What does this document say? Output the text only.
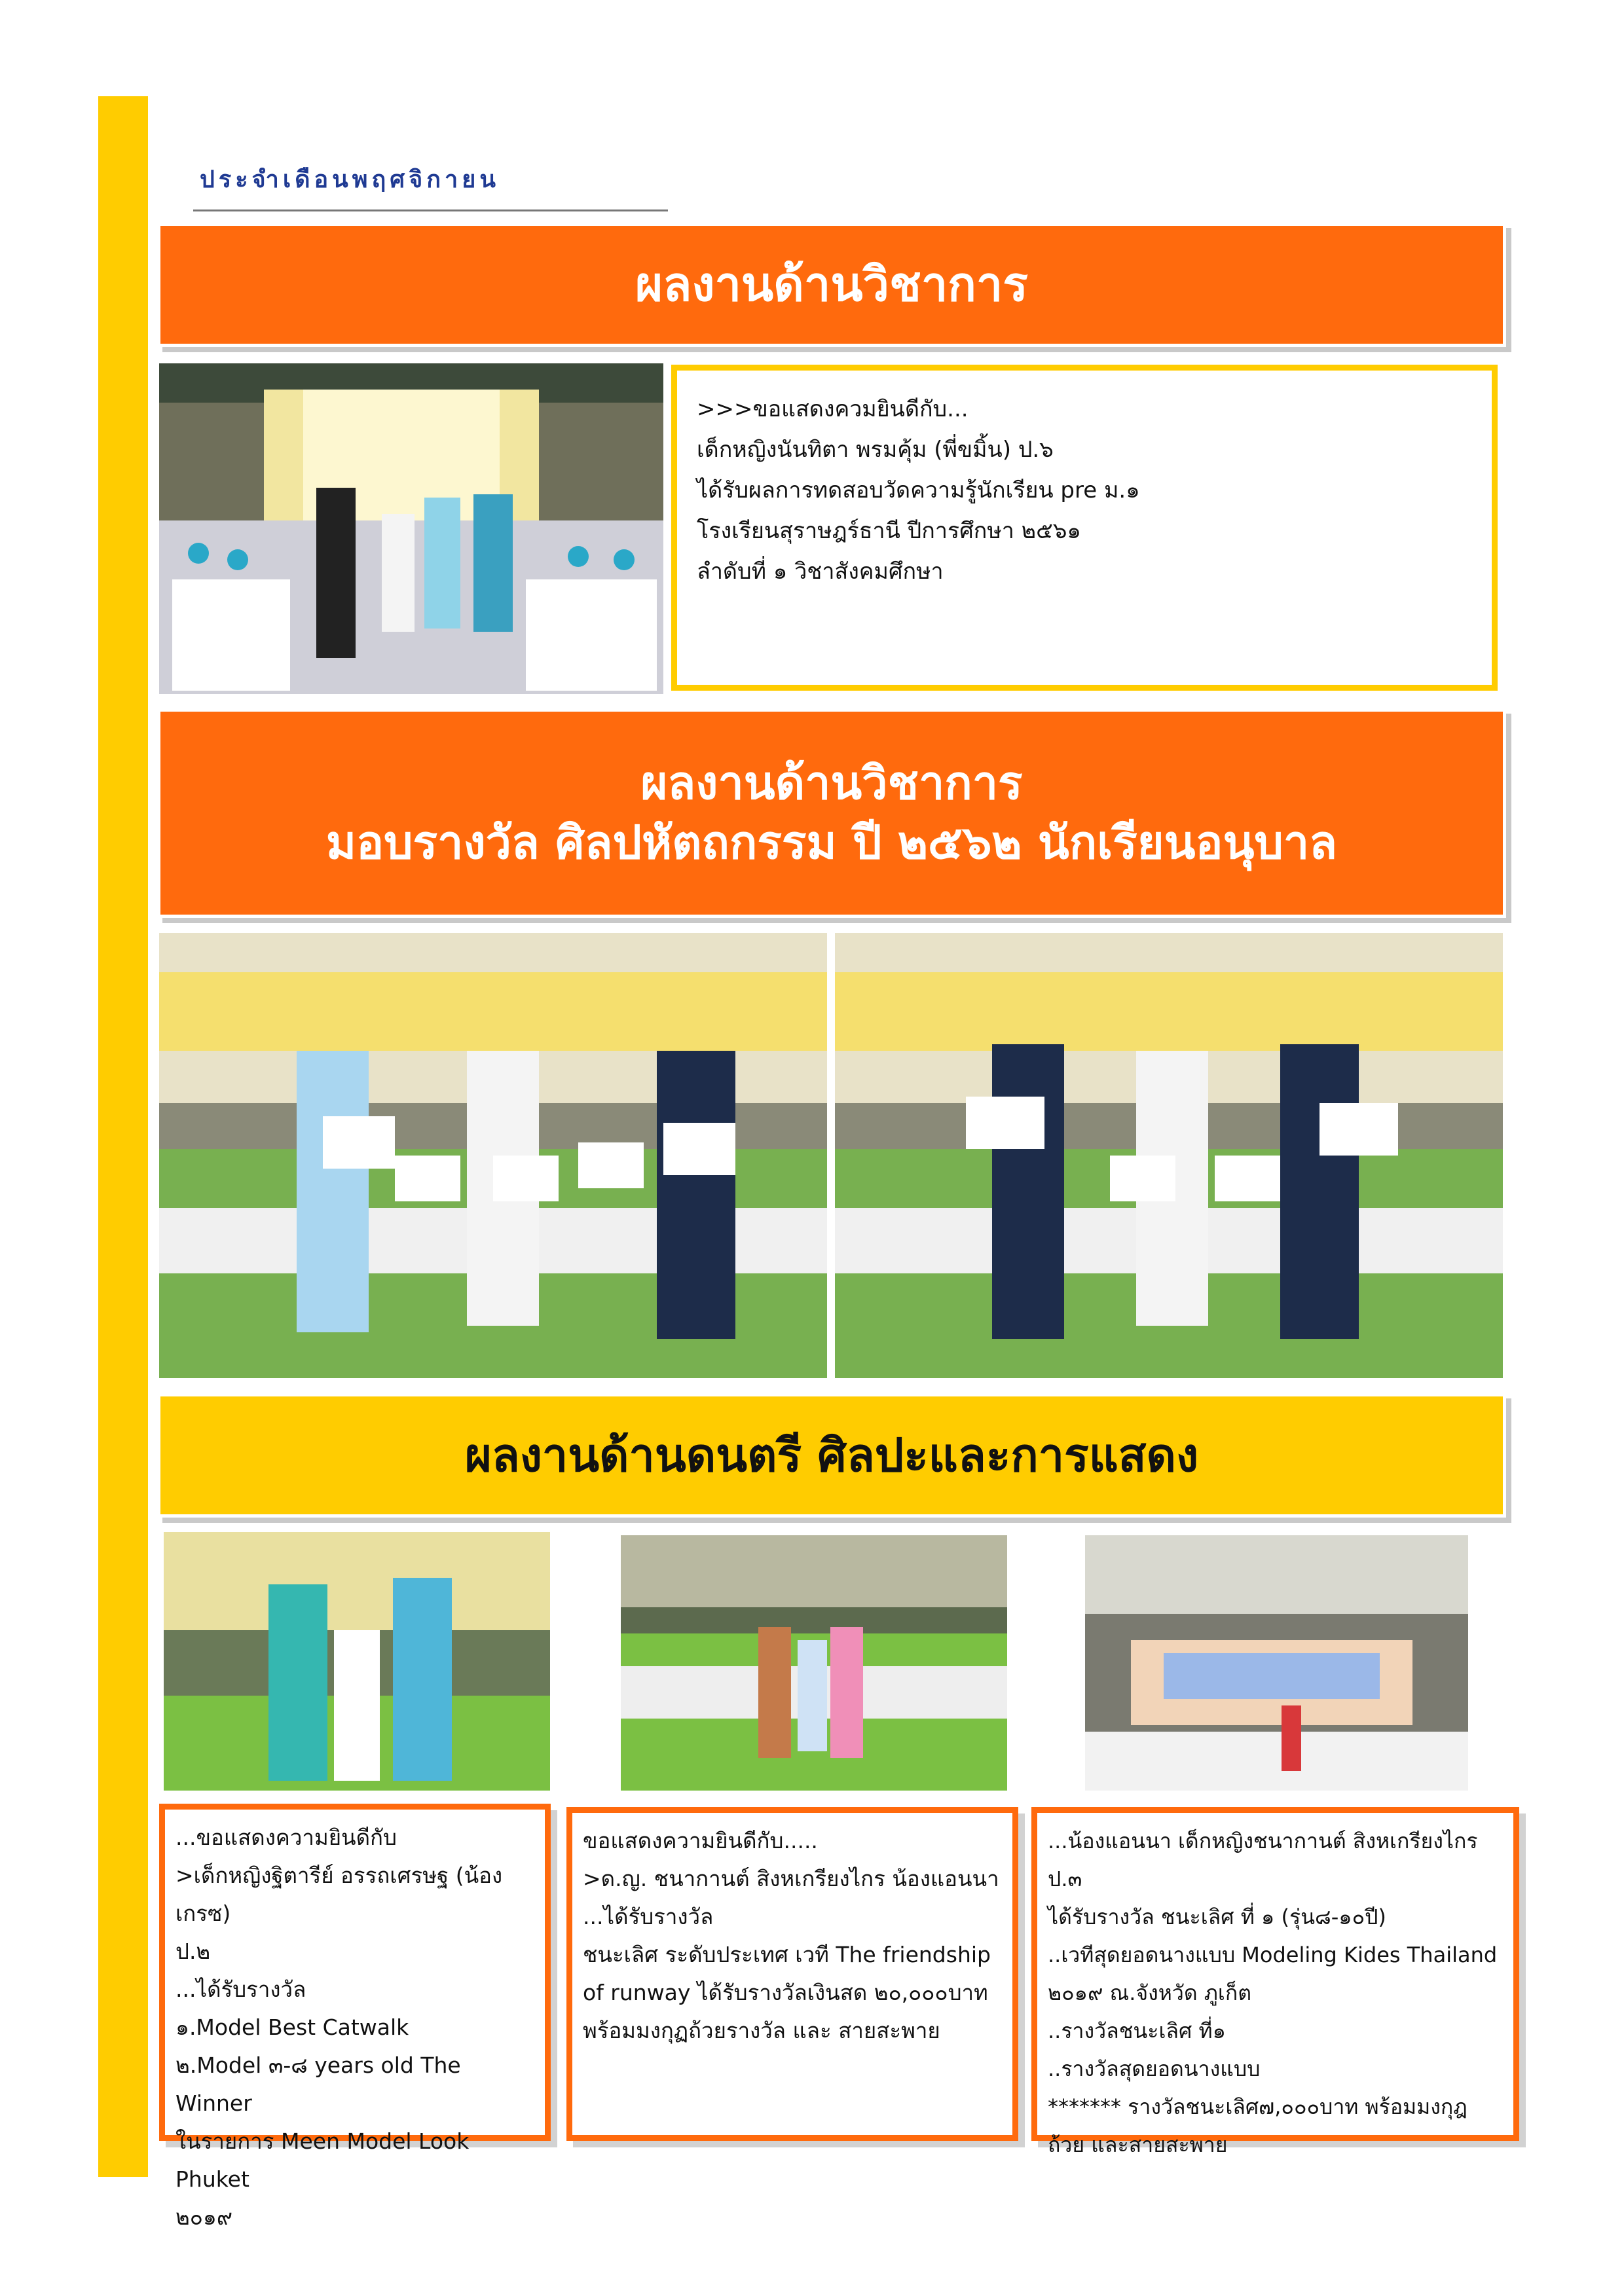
ประจำเดือนพฤศจิกายน
ผลงานด้านวิชาการ
>>>ขอแสดงควมยินดีกับ...
เด็กหญิงนันทิตา พรมคุ้ม (พี่ขมิ้น) ป.๖
ได้รับผลการทดสอบวัดความรู้นักเรียน pre ม.๑
โรงเรียนสุราษฎร์ธานี ปีการศึกษา ๒๕๖๑
ลำดับที่ ๑ วิชาสังคมศึกษา
ผลงานด้านวิชาการ
มอบรางวัล ศิลปหัตถกรรม ปี ๒๕๖๒ นักเรียนอนุบาล
ผลงานด้านดนตรี ศิลปะและการแสดง
...ขอแสดงความยินดีกับ
>เด็กหญิงฐิตารีย์ อรรถเศรษฐ (น้องเกรซ)
ป.๒
...ได้รับรางวัล
๑.Model Best Catwalk
๒.Model ๓-๘ years old The Winner
ในรายการ Meen Model Look Phuket
๒๐๑๙
ขอแสดงความยินดีกับ.....
>ด.ญ. ชนากานต์ สิงหเกรียงไกร น้องแอนนา
...ได้รับรางวัล
ชนะเลิศ ระดับประเทศ เวที The friendship
of runway ได้รับรางวัลเงินสด ๒๐,๐๐๐บาท
พร้อมมงกุฏถ้วยรางวัล และ สายสะพาย
...น้องแอนนา เด็กหญิงชนากานต์ สิงหเกรียงไกร ป.๓
ได้รับรางวัล ชนะเลิศ ที่ ๑ (รุ่น๘-๑๐ปี)
..เวทีสุดยอดนางแบบ Modeling Kides Thailand
๒๐๑๙ ณ.จังหวัด ภูเก็ต
..รางวัลชนะเลิศ ที่๑
..รางวัลสุดยอดนางแบบ
******* รางวัลชนะเลิศ๗,๐๐๐บาท พร้อมมงกุฎ
ถ้วย และสายสะพาย
